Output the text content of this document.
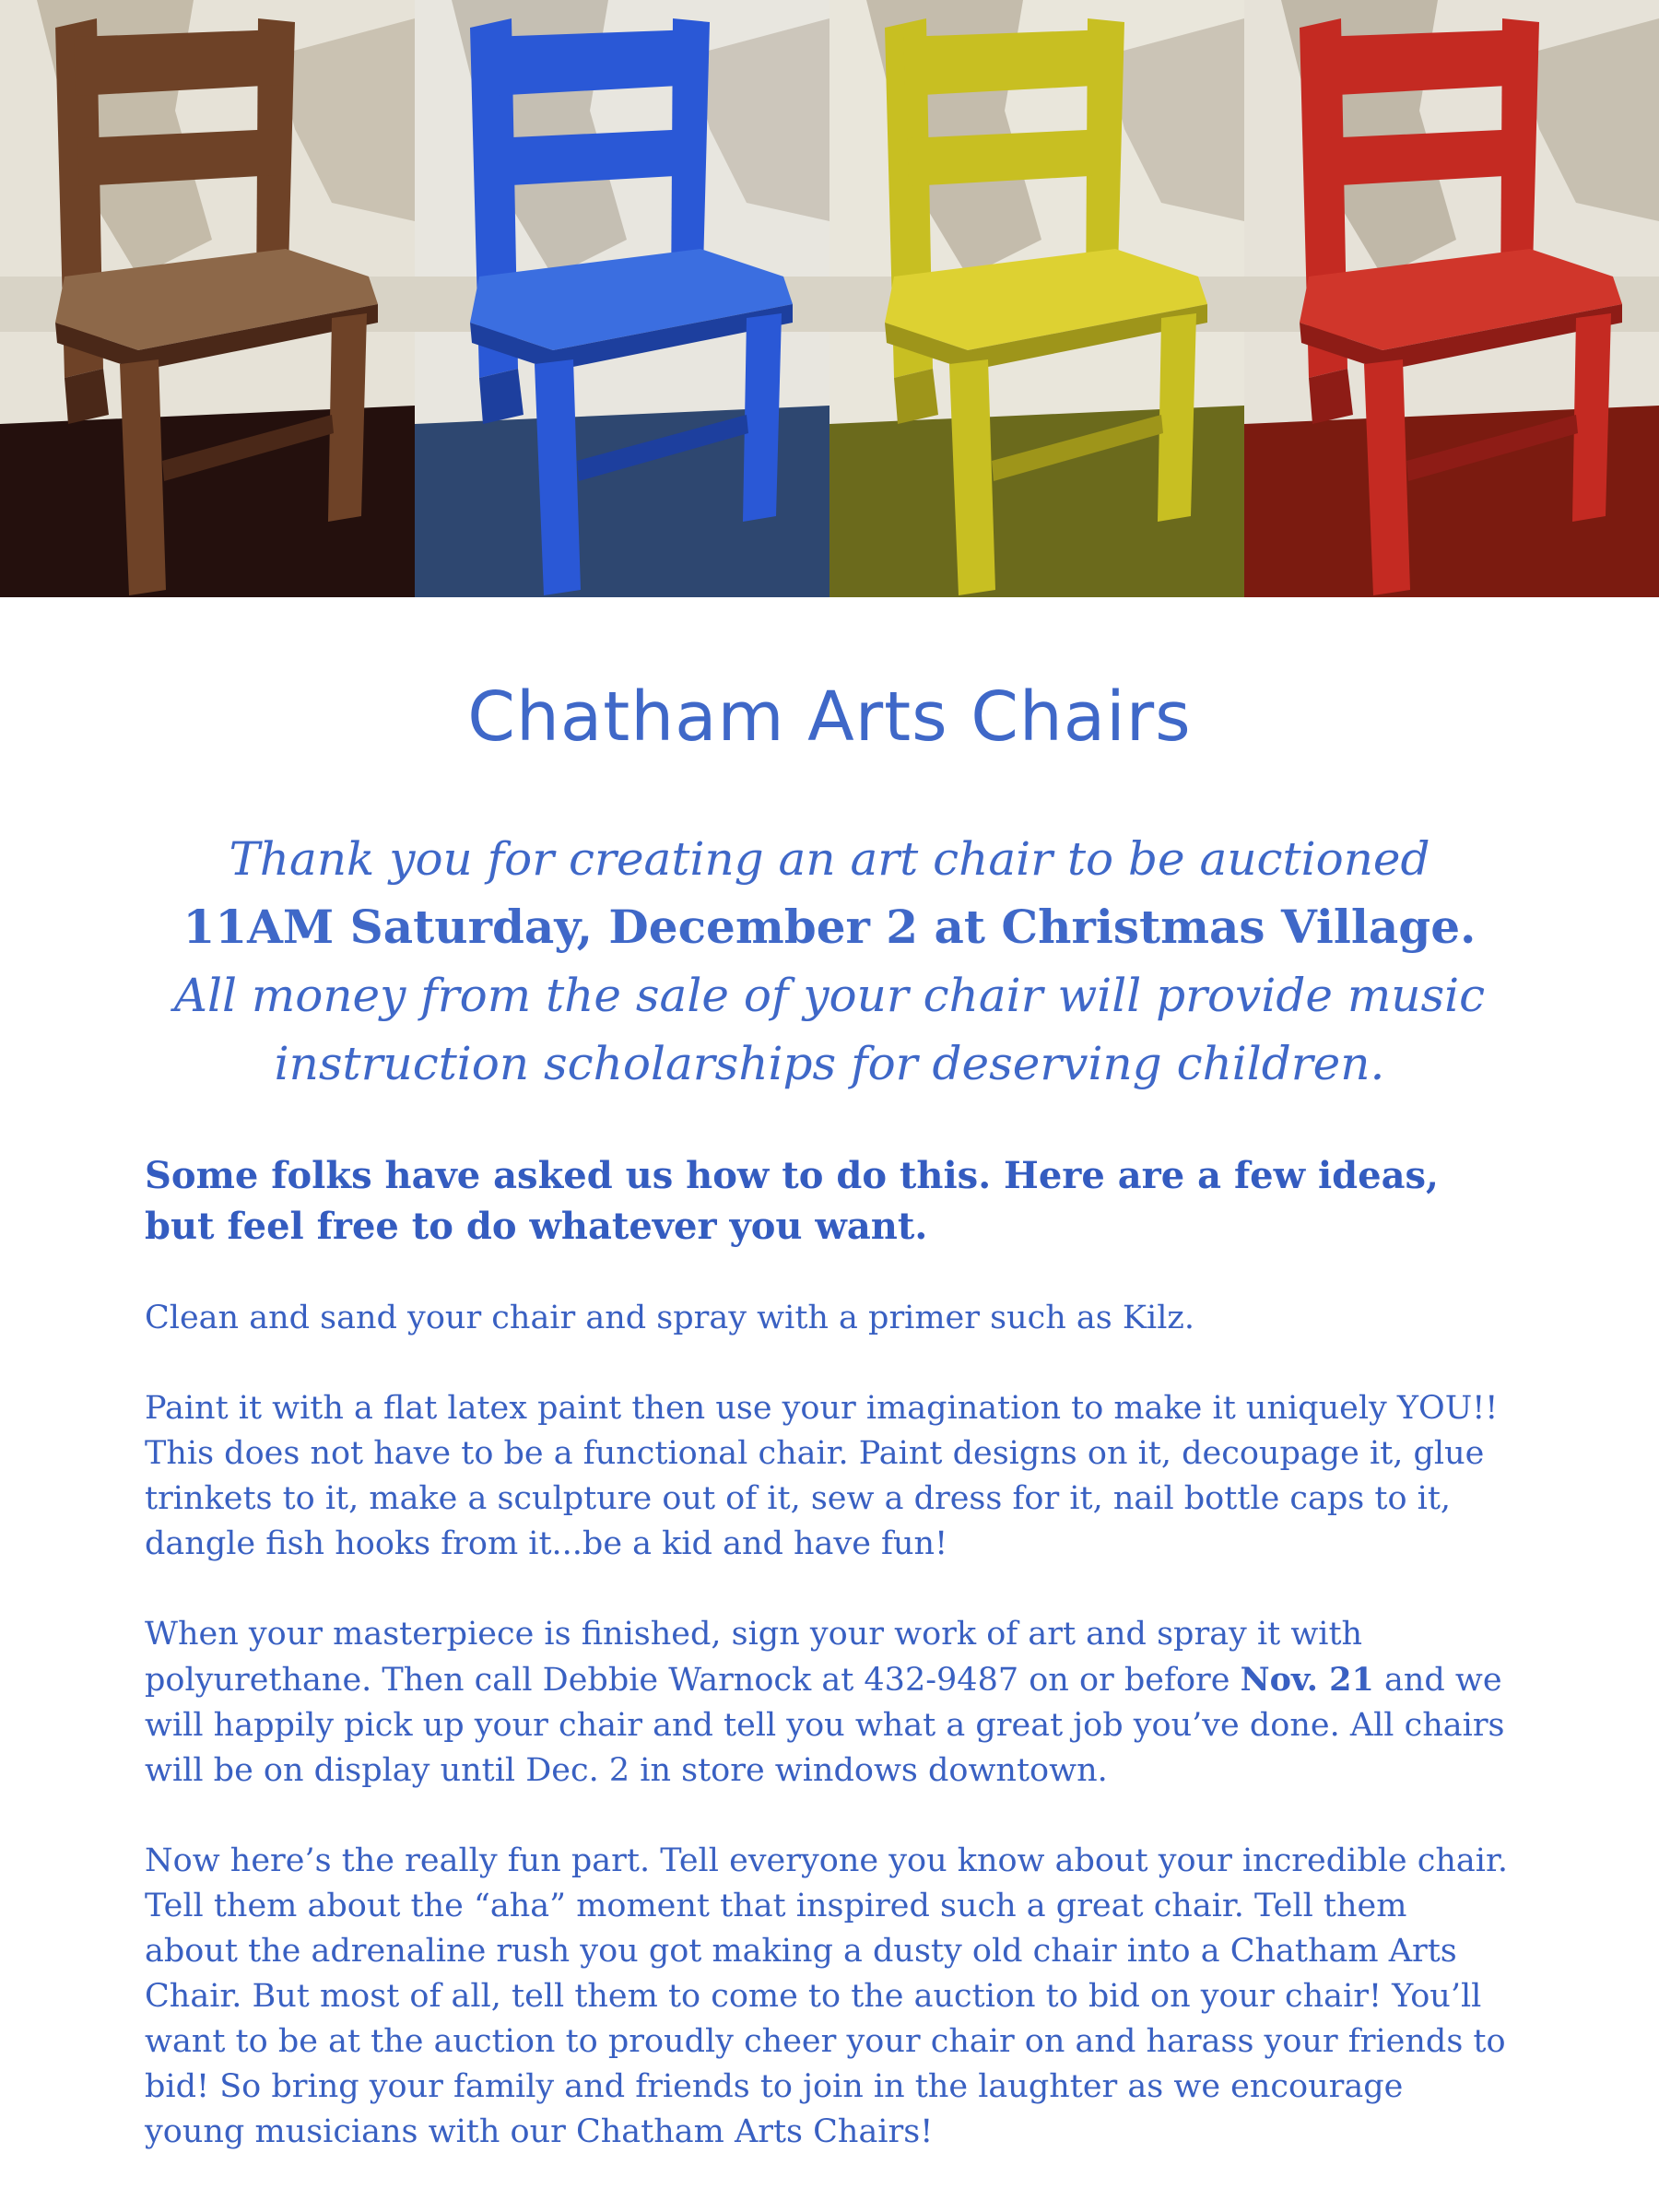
Chatham Arts Chairs
Thank you for creating an art chair to be auctioned
11AM Saturday, December 2 at Christmas Village.
All money from the sale of your chair will provide music
instruction scholarships for deserving children.
Some folks have asked us how to do this. Here are a few ideas, but feel free to do whatever you want.

Clean and sand your chair and spray with a primer such as Kilz.

Paint it with a flat latex paint then use your imagination to make it uniquely YOU!! This does not have to be a functional chair. Paint designs on it, decoupage it, glue trinkets to it, make a sculpture out of it, sew a dress for it, nail bottle caps to it, dangle fish hooks from it...be a kid and have fun!

When your masterpiece is finished, sign your work of art and spray it with polyurethane. Then call Debbie Warnock at 432-9487 on or before Nov. 21 and we will happily pick up your chair and tell you what a great job you’ve done. All chairs will be on display until Dec. 2 in store windows downtown.

Now here’s the really fun part. Tell everyone you know about your incredible chair. Tell them about the “aha” moment that inspired such a great chair. Tell them about the adrenaline rush you got making a dusty old chair into a Chatham Arts Chair. But most of all, tell them to come to the auction to bid on your chair! You’ll want to be at the auction to proudly cheer your chair on and harass your friends to bid! So bring your family and friends to join in the laughter as we encourage young musicians with our Chatham Arts Chairs!
